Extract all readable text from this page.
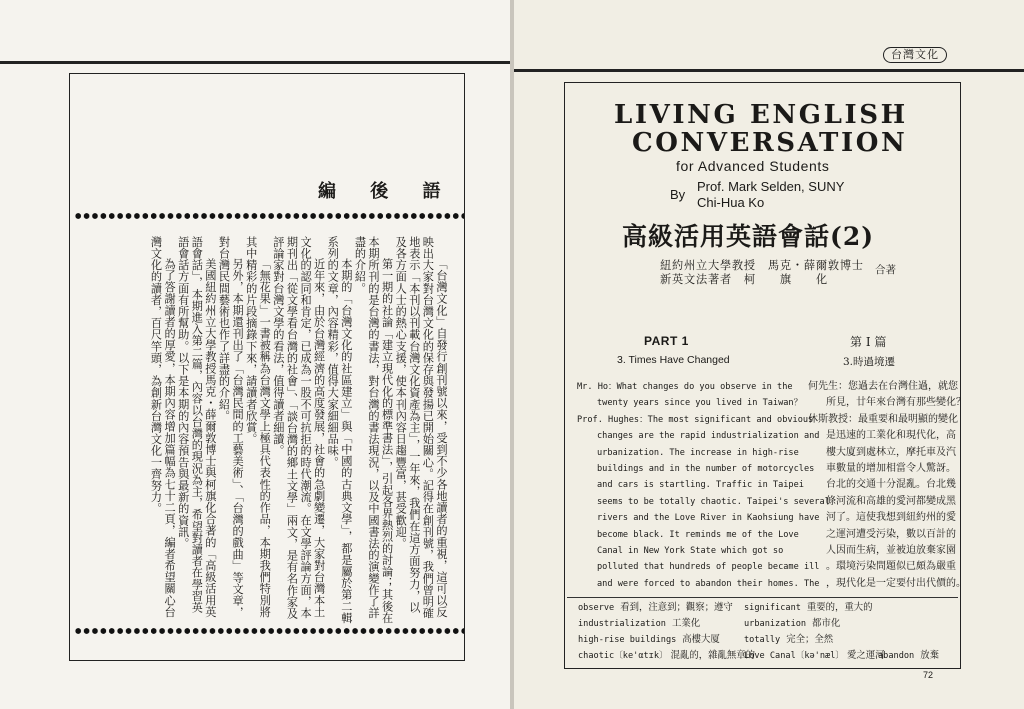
編 後 語

「台灣文化」自發行創刊號以來，受到不少各地讀者的重視，這可以反映出大家對台灣文化的保存與發揚已開始關心。記得在創刊號，我們曾明確地表示「本刊以刊載台灣文化資產為主」，一年來，我們在這方面努力，以及各方面人士的熱心支援，使本刊內容日趨豐富，甚受歡迎。

第一期的社論「建立現代化的標準書法」，引起各界熱烈的討論；其後在本期所刊的是台灣的書法，對台灣的書法現況，以及中國書法的演變作了詳盡的介紹。

本期的「台灣文化的社區建立」與「中國的古典文學」，都是屬於第二輯系列的文章，內容精彩，值得大家細細品味。

近年來，由於台灣經濟的高度發展，社會的急劇變遷，大家對台灣本土文化的認同和肯定，已成為一股不可抗拒的時代潮流。在文學評論方面，本期刊出「從文學看台灣的社會」、「談台灣的鄉土文學」兩文，是有名作家及評論家對台灣文學的看法，值得讀者細讀。

「無花果」一書被稱為台灣文學上極具代表性的作品，本期我們特別將其中精彩的片段摘錄下來，請讀者欣賞。

另外，本期還刊出了「台灣民間的工藝美術」、「台灣的戲曲」等文章，對台灣民間藝術也作了詳盡的介紹。

美國紐約州立大學教授馬克・薛爾敦博士與柯旗化合著的「高級活用英語會話」，本期進入第二篇，內容以台灣的現況為主，希望對讀者在學習英語會話方面有所幫助。以下是本期的內容預告與最新的資訊。

為了答謝讀者的厚愛，本期內容增加篇幅為七十二頁，編者希望關心台灣文化的讀者，百尺竿頭，為創新台灣文化一齊努力。

台灣文化
LIVING ENGLISH
CONVERSATION
for Advanced Students
By
Prof. Mark Selden, SUNY
Chi-Hua Ko
高級活用英語會話(2)
紐約州立大學教授　馬克・薛爾敦博士
新英文法著者　柯　　旗　　化
合著
PART 1
3. Times Have Changed
第 I 篇
3.時過境遷
Mr. Ho：What changes do you observe in the
twenty years since you lived in Taiwan？
Prof. Hughes：The most significant and obvious
changes are the rapid industrialization and
urbanization. The increase in high-rise
buildings and in the number of motorcycles
and cars is startling. Traffic in Taipei
seems to be totally chaotic. Taipei's several
rivers and the Love River in Kaohsiung have
become black. It reminds me of the Love
Canal in New York State which got so
polluted that hundreds of people became ill
and were forced to abandon their homes. The
何先生：您過去在台灣住過，就您
所見，廿年來台灣有那些變化？
休斯教授：最重要和最明顯的變化
是迅速的工業化和現代化，高
樓大廈到處林立，摩托車及汽
車數量的增加相當令人驚訝。
台北的交通十分混亂。台北幾
條河流和高雄的愛河都變成黑
河了。這使我想到紐約州的愛
之運河遭受污染，數以百計的
人因而生病，並被迫放棄家園
。環境污染問題似已頗為嚴重
，現代化是一定要付出代價的。
observe 看到，注意到；觀察；遵守 significant 重要的，重大的
industrialization 工業化	urbanization 都市化
high-rise buildings 高樓大厦	totally 完全；全然
chaotic〔ke'αtɪk〕 混亂的，雜亂無章的
Love Canal〔kə'næl〕 愛之運河
abandon 放棄
72
